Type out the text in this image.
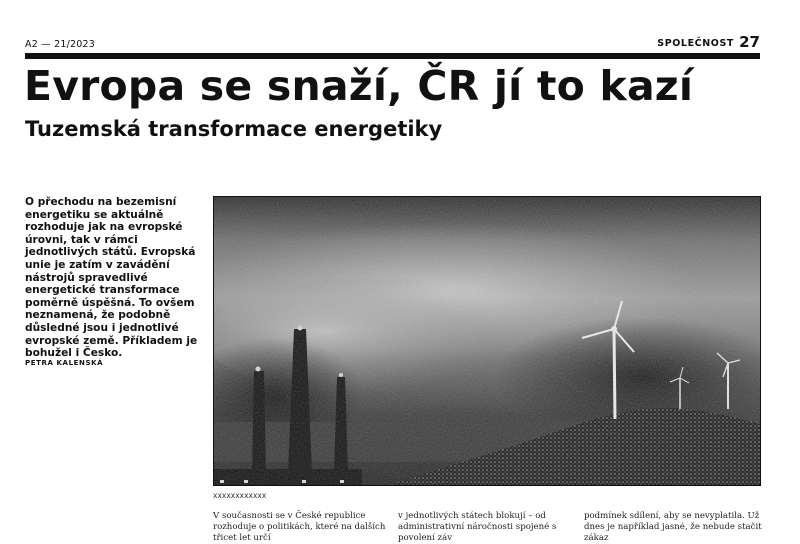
A2 — 21/2023	SPOLEČNOST 27
Evropa se snaží, ČR jí to kazí
Tuzemská transformace energetiky

O přechodu na bezemisní energetiku se aktuálně rozhoduje jak na evropské úrovni, tak v rámci jednotlivých států. Evropská unie je zatím v zavádění nástrojů spravedlivé energetické transformace poměrně úspěšná. To ovšem neznamená, že podobně důsledné jsou i jednotlivé evropské země. Příkladem je bohužel i Česko.

PETRA KALENSKÁ
xxxxxxxxxxxx

V současnosti se v České republice rozhoduje o politikách, které na dalších třicet let určí

v jednotlivých státech blokují – od administrativní náročnosti spojené s povolení záv

podmínek sdílení, aby se nevyplatila. Už dnes je například jasné, že nebude stačit zákaz
